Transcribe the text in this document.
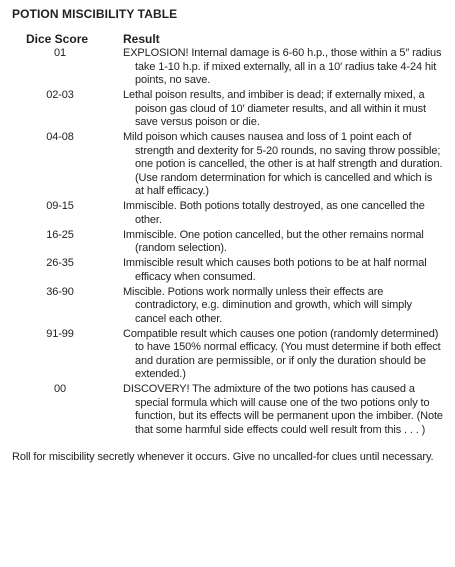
POTION MISCIBILITY TABLE
Dice Score	Result
01	EXPLOSION! Internal damage is 6-60 h.p., those within a 5″ radius take 1-10 h.p. if mixed externally, all in a 10′ radius take 4-24 hit points, no save.
02-03	Lethal poison results, and imbiber is dead; if externally mixed, a poison gas cloud of 10′ diameter results, and all within it must save versus poison or die.
04-08	Mild poison which causes nausea and loss of 1 point each of strength and dexterity for 5-20 rounds, no saving throw possible; one potion is cancelled, the other is at half strength and duration. (Use random determination for which is cancelled and which is at half efficacy.)
09-15	Immiscible. Both potions totally destroyed, as one cancelled the other.
16-25	Immiscible. One potion cancelled, but the other remains normal (random selection).
26-35	Immiscible result which causes both potions to be at half normal efficacy when consumed.
36-90	Miscible. Potions work normally unless their effects are contradictory, e.g. diminution and growth, which will simply cancel each other.
91-99	Compatible result which causes one potion (randomly determined) to have 150% normal efficacy. (You must determine if both effect and duration are permissible, or if only the duration should be extended.)
00	DISCOVERY! The admixture of the two potions has caused a special formula which will cause one of the two potions only to function, but its effects will be permanent upon the imbiber. (Note that some harmful side effects could well result from this . . . )
Roll for miscibility secretly whenever it occurs. Give no uncalled-for clues until necessary.
